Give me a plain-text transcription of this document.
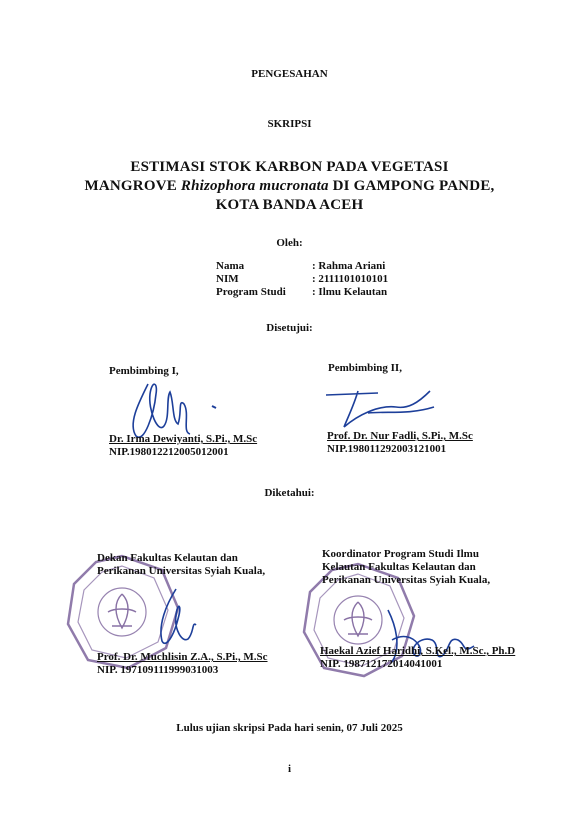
PENGESAHAN
SKRIPSI
ESTIMASI STOK KARBON PADA VEGETASI
MANGROVE Rhizophora mucronata DI GAMPONG PANDE,
KOTA BANDA ACEH
Oleh:
Nama	: Rahma Ariani
NIM	: 2111101010101
Program Studi	: Ilmu Kelautan
Disetujui:
Pembimbing I,
Dr. Irma Dewiyanti, S.Pi., M.Sc
NIP.198012212005012001
Pembimbing II,
Prof. Dr. Nur Fadli, S.Pi., M.Sc
NIP.198011292003121001
Diketahui:
Dekan Fakultas Kelautan dan
Perikanan Universitas Syiah Kuala,
Prof. Dr. Muchlisin Z.A., S.Pi., M.Sc
NIP. 197109111999031003
Koordinator Program Studi Ilmu
Kelautan Fakultas Kelautan dan
Perikanan Universitas Syiah Kuala,
Haekal Azief Haridhi, S.Kel., M.Sc., Ph.D
NIP. 198712172014041001
Lulus ujian skripsi Pada hari senin, 07 Juli 2025
i
